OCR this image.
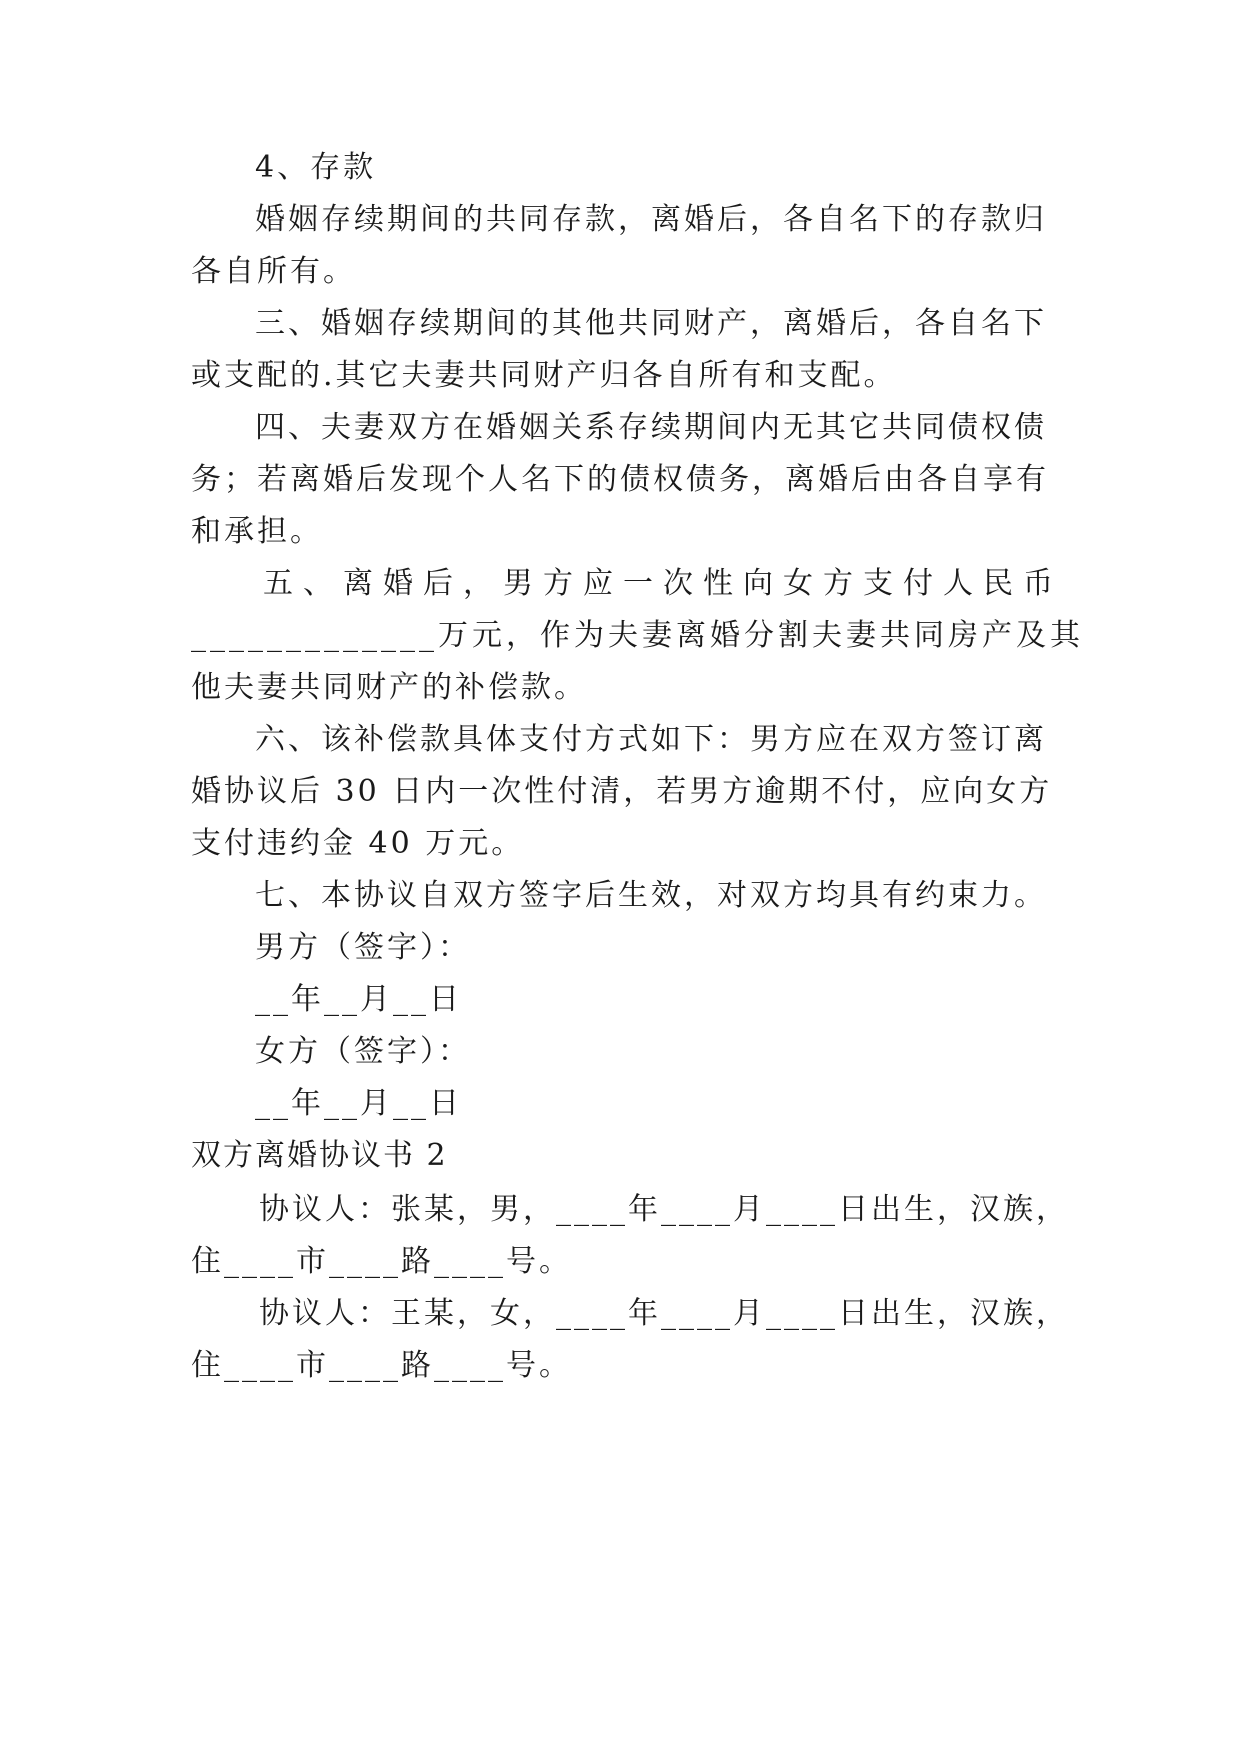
4、存款
婚姻存续期间的共同存款，离婚后，各自名下的存款归
各自所有。
三、婚姻存续期间的其他共同财产，离婚后，各自名下
或支配的.其它夫妻共同财产归各自所有和支配。
四、夫妻双方在婚姻关系存续期间内无其它共同债权债
务；若离婚后发现个人名下的债权债务，离婚后由各自享有
和承担。
五、离婚后，男方应一次性向女方支付人民币
_____________万元，作为夫妻离婚分割夫妻共同房产及其
他夫妻共同财产的补偿款。
六、该补偿款具体支付方式如下：男方应在双方签订离
婚协议后 30 日内一次性付清，若男方逾期不付，应向女方
支付违约金 40 万元。
七、本协议自双方签字后生效，对双方均具有约束力。
男方（签字）：
__年__月__日
女方（签字）：
__年__月__日
双方离婚协议书 2
协议人：张某，男，____年____月____日出生，汉族，
住____市____路____号。
协议人：王某，女，____年____月____日出生，汉族，
住____市____路____号。
